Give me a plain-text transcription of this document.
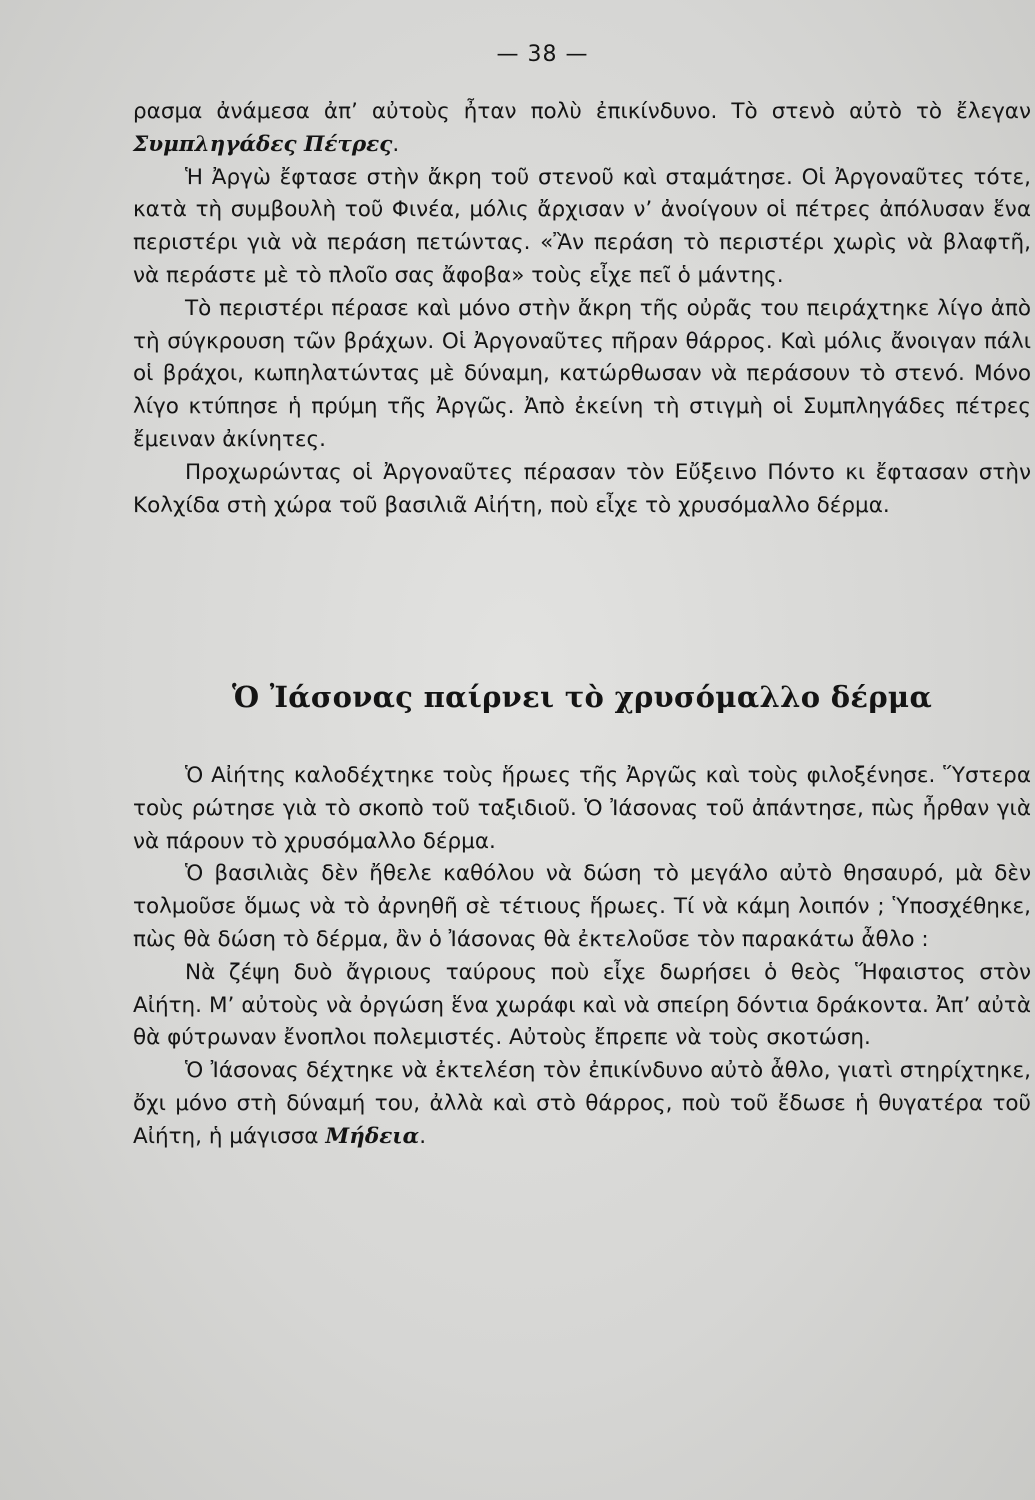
— 38 —

ρασμα ἀνάμεσα ἀπ’ αὐτοὺς ἦταν πολὺ ἐπικίνδυνο. Τὸ στενὸ αὐτὸ τὸ ἔλεγαν Συμπληγάδες Πέτρες.

Ἡ Ἀργὼ ἔφτασε στὴν ἄκρη τοῦ στενοῦ καὶ σταμάτησε. Οἱ Ἀργοναῦτες τότε, κατὰ τὴ συμβουλὴ τοῦ Φινέα, μόλις ἄρχισαν ν’ ἀνοίγουν οἱ πέτρες ἀπόλυσαν ἕνα περιστέρι γιὰ νὰ περάση πετώντας. «Ἂν περάση τὸ περιστέρι χωρὶς νὰ βλαφτῆ, νὰ περάστε μὲ τὸ πλοῖο σας ἄφοβα» τοὺς εἶχε πεῖ ὁ μάντης.

Τὸ περιστέρι πέρασε καὶ μόνο στὴν ἄκρη τῆς οὐρᾶς του πειράχτηκε λίγο ἀπὸ τὴ σύγκρουση τῶν βράχων. Οἱ Ἀργοναῦτες πῆραν θάρρος. Καὶ μόλις ἄνοιγαν πάλι οἱ βράχοι, κωπηλατώντας μὲ δύναμη, κατώρθωσαν νὰ περάσουν τὸ στενό. Μόνο λίγο κτύπησε ἡ πρύμη τῆς Ἀργῶς. Ἀπὸ ἐκείνη τὴ στιγμὴ οἱ Συμπληγάδες πέτρες ἔμειναν ἀκίνητες.

Προχωρώντας οἱ Ἀργοναῦτες πέρασαν τὸν Εὔξεινο Πόντο κι ἔφτασαν στὴν Κολχίδα στὴ χώρα τοῦ βασιλιᾶ Αἰήτη, ποὺ εἶχε τὸ χρυσόμαλλο δέρμα.

Ὁ Ἰάσονας παίρνει τὸ χρυσόμαλλο δέρμα

Ὁ Αἰήτης καλοδέχτηκε τοὺς ἥρωες τῆς Ἀργῶς καὶ τοὺς φιλοξένησε. Ὕστερα τοὺς ρώτησε γιὰ τὸ σκοπὸ τοῦ ταξιδιοῦ. Ὁ Ἰάσονας τοῦ ἀπάντησε, πὼς ἦρθαν γιὰ νὰ πάρουν τὸ χρυσόμαλλο δέρμα.

Ὁ βασιλιὰς δὲν ἤθελε καθόλου νὰ δώση τὸ μεγάλο αὐτὸ θησαυρό, μὰ δὲν τολμοῦσε ὅμως νὰ τὸ ἀρνηθῆ σὲ τέτιους ἥρωες. Τί νὰ κάμη λοιπόν ; Ὑποσχέθηκε, πὼς θὰ δώση τὸ δέρμα, ἂν ὁ Ἰάσονας θὰ ἐκτελοῦσε τὸν παρακάτω ἆθλο :

Νὰ ζέψη δυὸ ἄγριους ταύρους ποὺ εἶχε δωρήσει ὁ θεὸς Ἥφαιστος στὸν Αἰήτη. Μ’ αὐτοὺς νὰ ὀργώση ἕνα χωράφι καὶ νὰ σπείρη δόντια δράκοντα. Ἀπ’ αὐτὰ θὰ φύτρωναν ἔνοπλοι πολεμιστές. Αὐτοὺς ἔπρεπε νὰ τοὺς σκοτώση.

Ὁ Ἰάσονας δέχτηκε νὰ ἐκτελέση τὸν ἐπικίνδυνο αὐτὸ ἆθλο, γιατὶ στηρίχτηκε, ὄχι μόνο στὴ δύναμή του, ἀλλὰ καὶ στὸ θάρρος, ποὺ τοῦ ἔδωσε ἡ θυγατέρα τοῦ Αἰήτη, ἡ μάγισσα Μήδεια.
